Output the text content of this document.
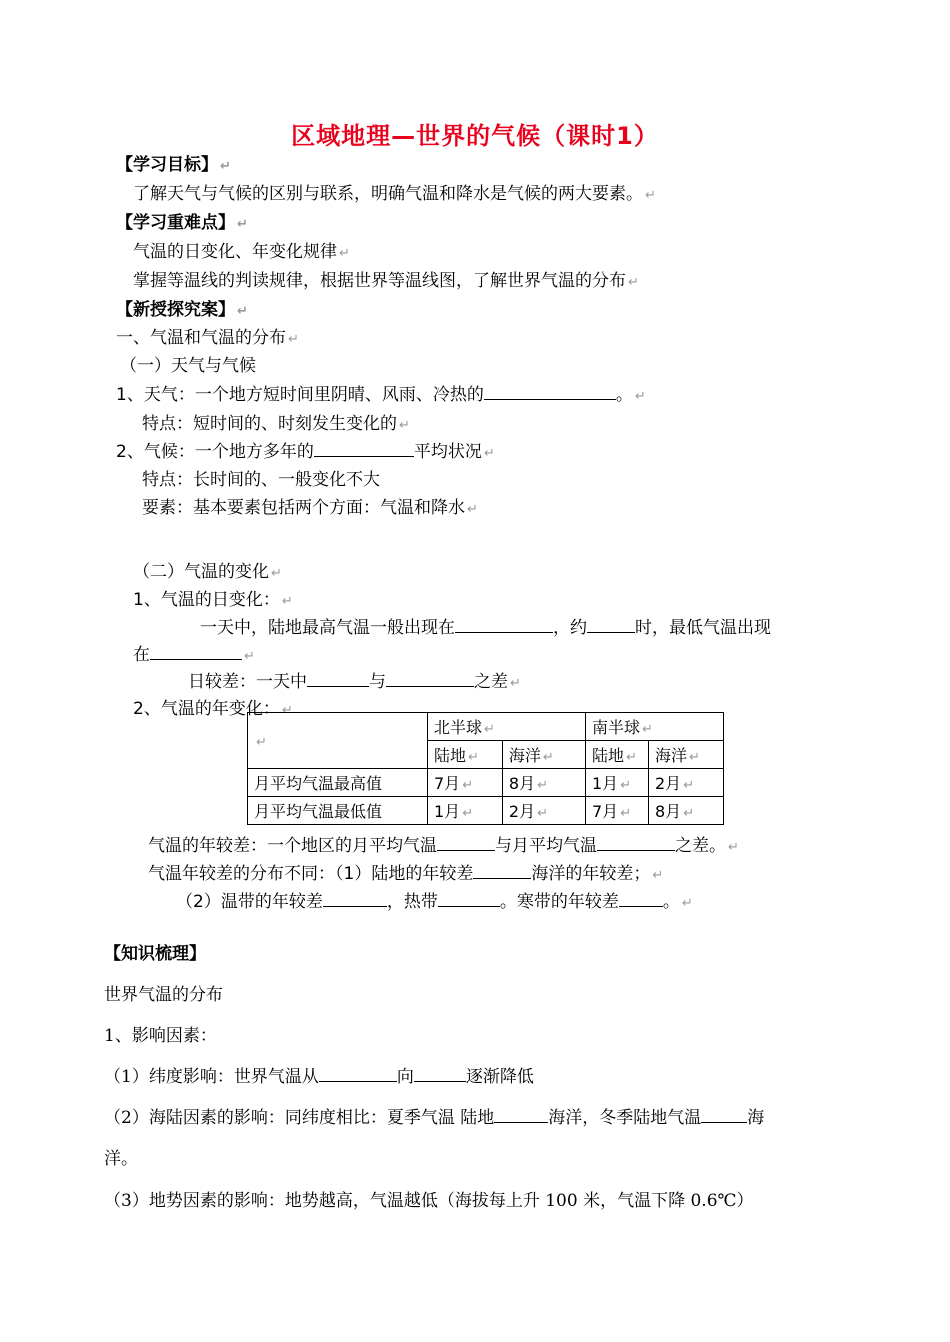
区域地理—世界的气候（课时1）
【学习目标】 ↵
了解天气与气候的区别与联系，明确气温和降水是气候的两大要素。 ↵
【学习重难点】 ↵
气温的日变化、年变化规律 ↵
掌握等温线的判读规律，根据世界等温线图，了解世界气温的分布 ↵
【新授探究案】 ↵
一、气温和气温的分布 ↵
（一）天气与气候
1、天气：一个地方短时间里阴晴、风雨、冷热的	。 ↵
特点：短时间的、时刻发生变化的 ↵
2、气候：一个地方多年的	平均状况 ↵
特点：长时间的、一般变化不大
要素：基本要素包括两个方面：气温和降水 ↵
（二）气温的变化 ↵
1、气温的日变化： ↵
一天中，陆地最高气温一般出现在	，约	时，最低气温出现
在	↵
日较差：一天中	与	之差 ↵
2、气温的年变化： ↵
↵	北半球 ↵		南半球 ↵	
	陆地 ↵	海洋 ↵	陆地 ↵	海洋 ↵
月平均气温最高值	7月 ↵	8月 ↵	1月 ↵	2月 ↵
月平均气温最低值	1月 ↵	2月 ↵	7月 ↵	8月 ↵
气温的年较差：一个地区的月平均气温	与月平均气温	之差。 ↵
气温年较差的分布不同：（1）陆地的年较差	海洋的年较差； ↵
（2）温带的年较差	，热带	。寒带的年较差	。 ↵
【知识梳理】
世界气温的分布
1、影响因素：
（1）纬度影响：世界气温从	向	逐渐降低
（2）海陆因素的影响：同纬度相比：夏季气温 陆地	海洋，冬季陆地气温	海
洋。
（3）地势因素的影响：地势越高，气温越低（海拔每上升 100 米，气温下降 0.6℃）
